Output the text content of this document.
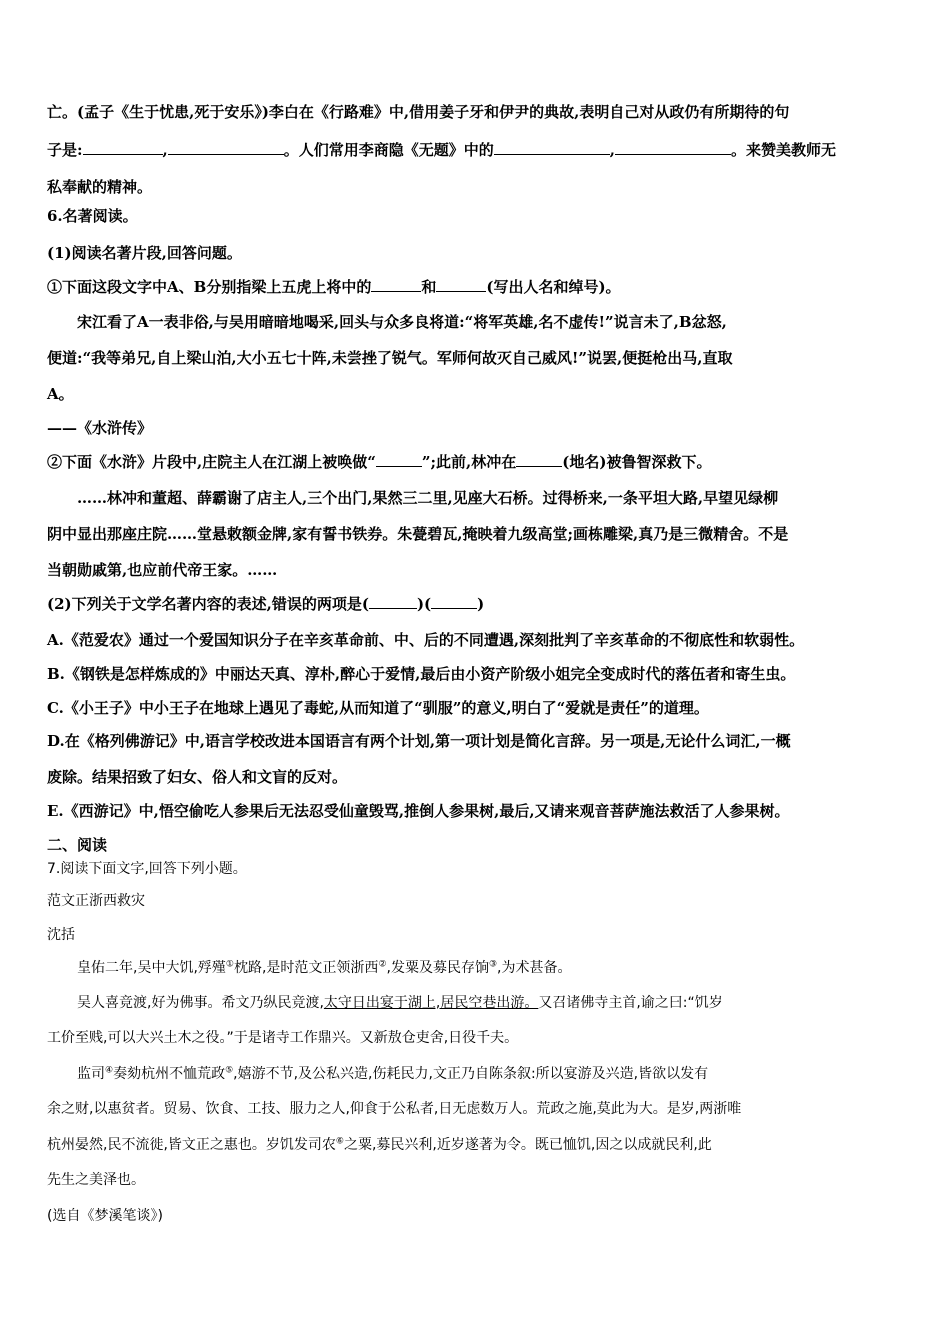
亡。(孟子《生于忧患,死于安乐》)李白在《行路难》中,借用姜子牙和伊尹的典故,表明自己对从政仍有所期待的句
子是:	,	。人们常用李商隐《无题》中的	,	。来赞美教师无
私奉献的精神。
6.名著阅读。
(1)阅读名著片段,回答问题。
①下面这段文字中A、B分别指梁上五虎上将中的	和	(写出人名和绰号)。
宋江看了A一表非俗,与吴用暗暗地喝采,回头与众多良将道:“将军英雄,名不虚传!”说言未了,B忿怒,
便道:“我等弟兄,自上梁山泊,大小五七十阵,未尝挫了锐气。军师何故灭自己威风!”说罢,便挺枪出马,直取
A。
——《水浒传》
②下面《水浒》片段中,庄院主人在江湖上被唤做“	”;此前,林冲在	(地名)被鲁智深救下。
……林冲和董超、薛霸谢了店主人,三个出门,果然三二里,见座大石桥。过得桥来,一条平坦大路,早望见绿柳
阴中显出那座庄院……堂悬敕额金牌,家有誓书铁券。朱甍碧瓦,掩映着九级高堂;画栋雕梁,真乃是三微精舍。不是
当朝勋戚第,也应前代帝王家。……
(2)下列关于文学名著内容的表述,错误的两项是(	)(	)
A.《范爱农》通过一个爱国知识分子在辛亥革命前、中、后的不同遭遇,深刻批判了辛亥革命的不彻底性和软弱性。
B.《钢铁是怎样炼成的》中丽达天真、淳朴,醉心于爱情,最后由小资产阶级小姐完全变成时代的落伍者和寄生虫。
C.《小王子》中小王子在地球上遇见了毒蛇,从而知道了“驯服”的意义,明白了“爱就是责任”的道理。
D.在《格列佛游记》中,语言学校改进本国语言有两个计划,第一项计划是简化言辞。另一项是,无论什么词汇,一概
废除。结果招致了妇女、俗人和文盲的反对。
E.《西游记》中,悟空偷吃人参果后无法忍受仙童毁骂,推倒人参果树,最后,又请来观音菩萨施法救活了人参果树。
二、阅读
7.阅读下面文字,回答下列小题。
范文正浙西救灾
沈括
皇佑二年,吴中大饥,殍殣①枕路,是时范文正领浙西②,发粟及募民存饷③,为术甚备。
吴人喜竞渡,好为佛事。希文乃纵民竞渡,太守日出宴于湖上,居民空巷出游。又召诸佛寺主首,谕之曰:“饥岁
工价至贱,可以大兴土木之役。”于是诸寺工作鼎兴。又新敖仓吏舍,日役千夫。
监司④奏劾杭州不恤荒政⑤,嬉游不节,及公私兴造,伤耗民力,文正乃自陈条叙:所以宴游及兴造,皆欲以发有
余之财,以惠贫者。贸易、饮食、工技、服力之人,仰食于公私者,日无虑数万人。荒政之施,莫此为大。是岁,两浙唯
杭州晏然,民不流徙,皆文正之惠也。岁饥发司农⑥之粟,募民兴利,近岁遂著为令。既已恤饥,因之以成就民利,此
先生之美泽也。
(选自《梦溪笔谈》)
